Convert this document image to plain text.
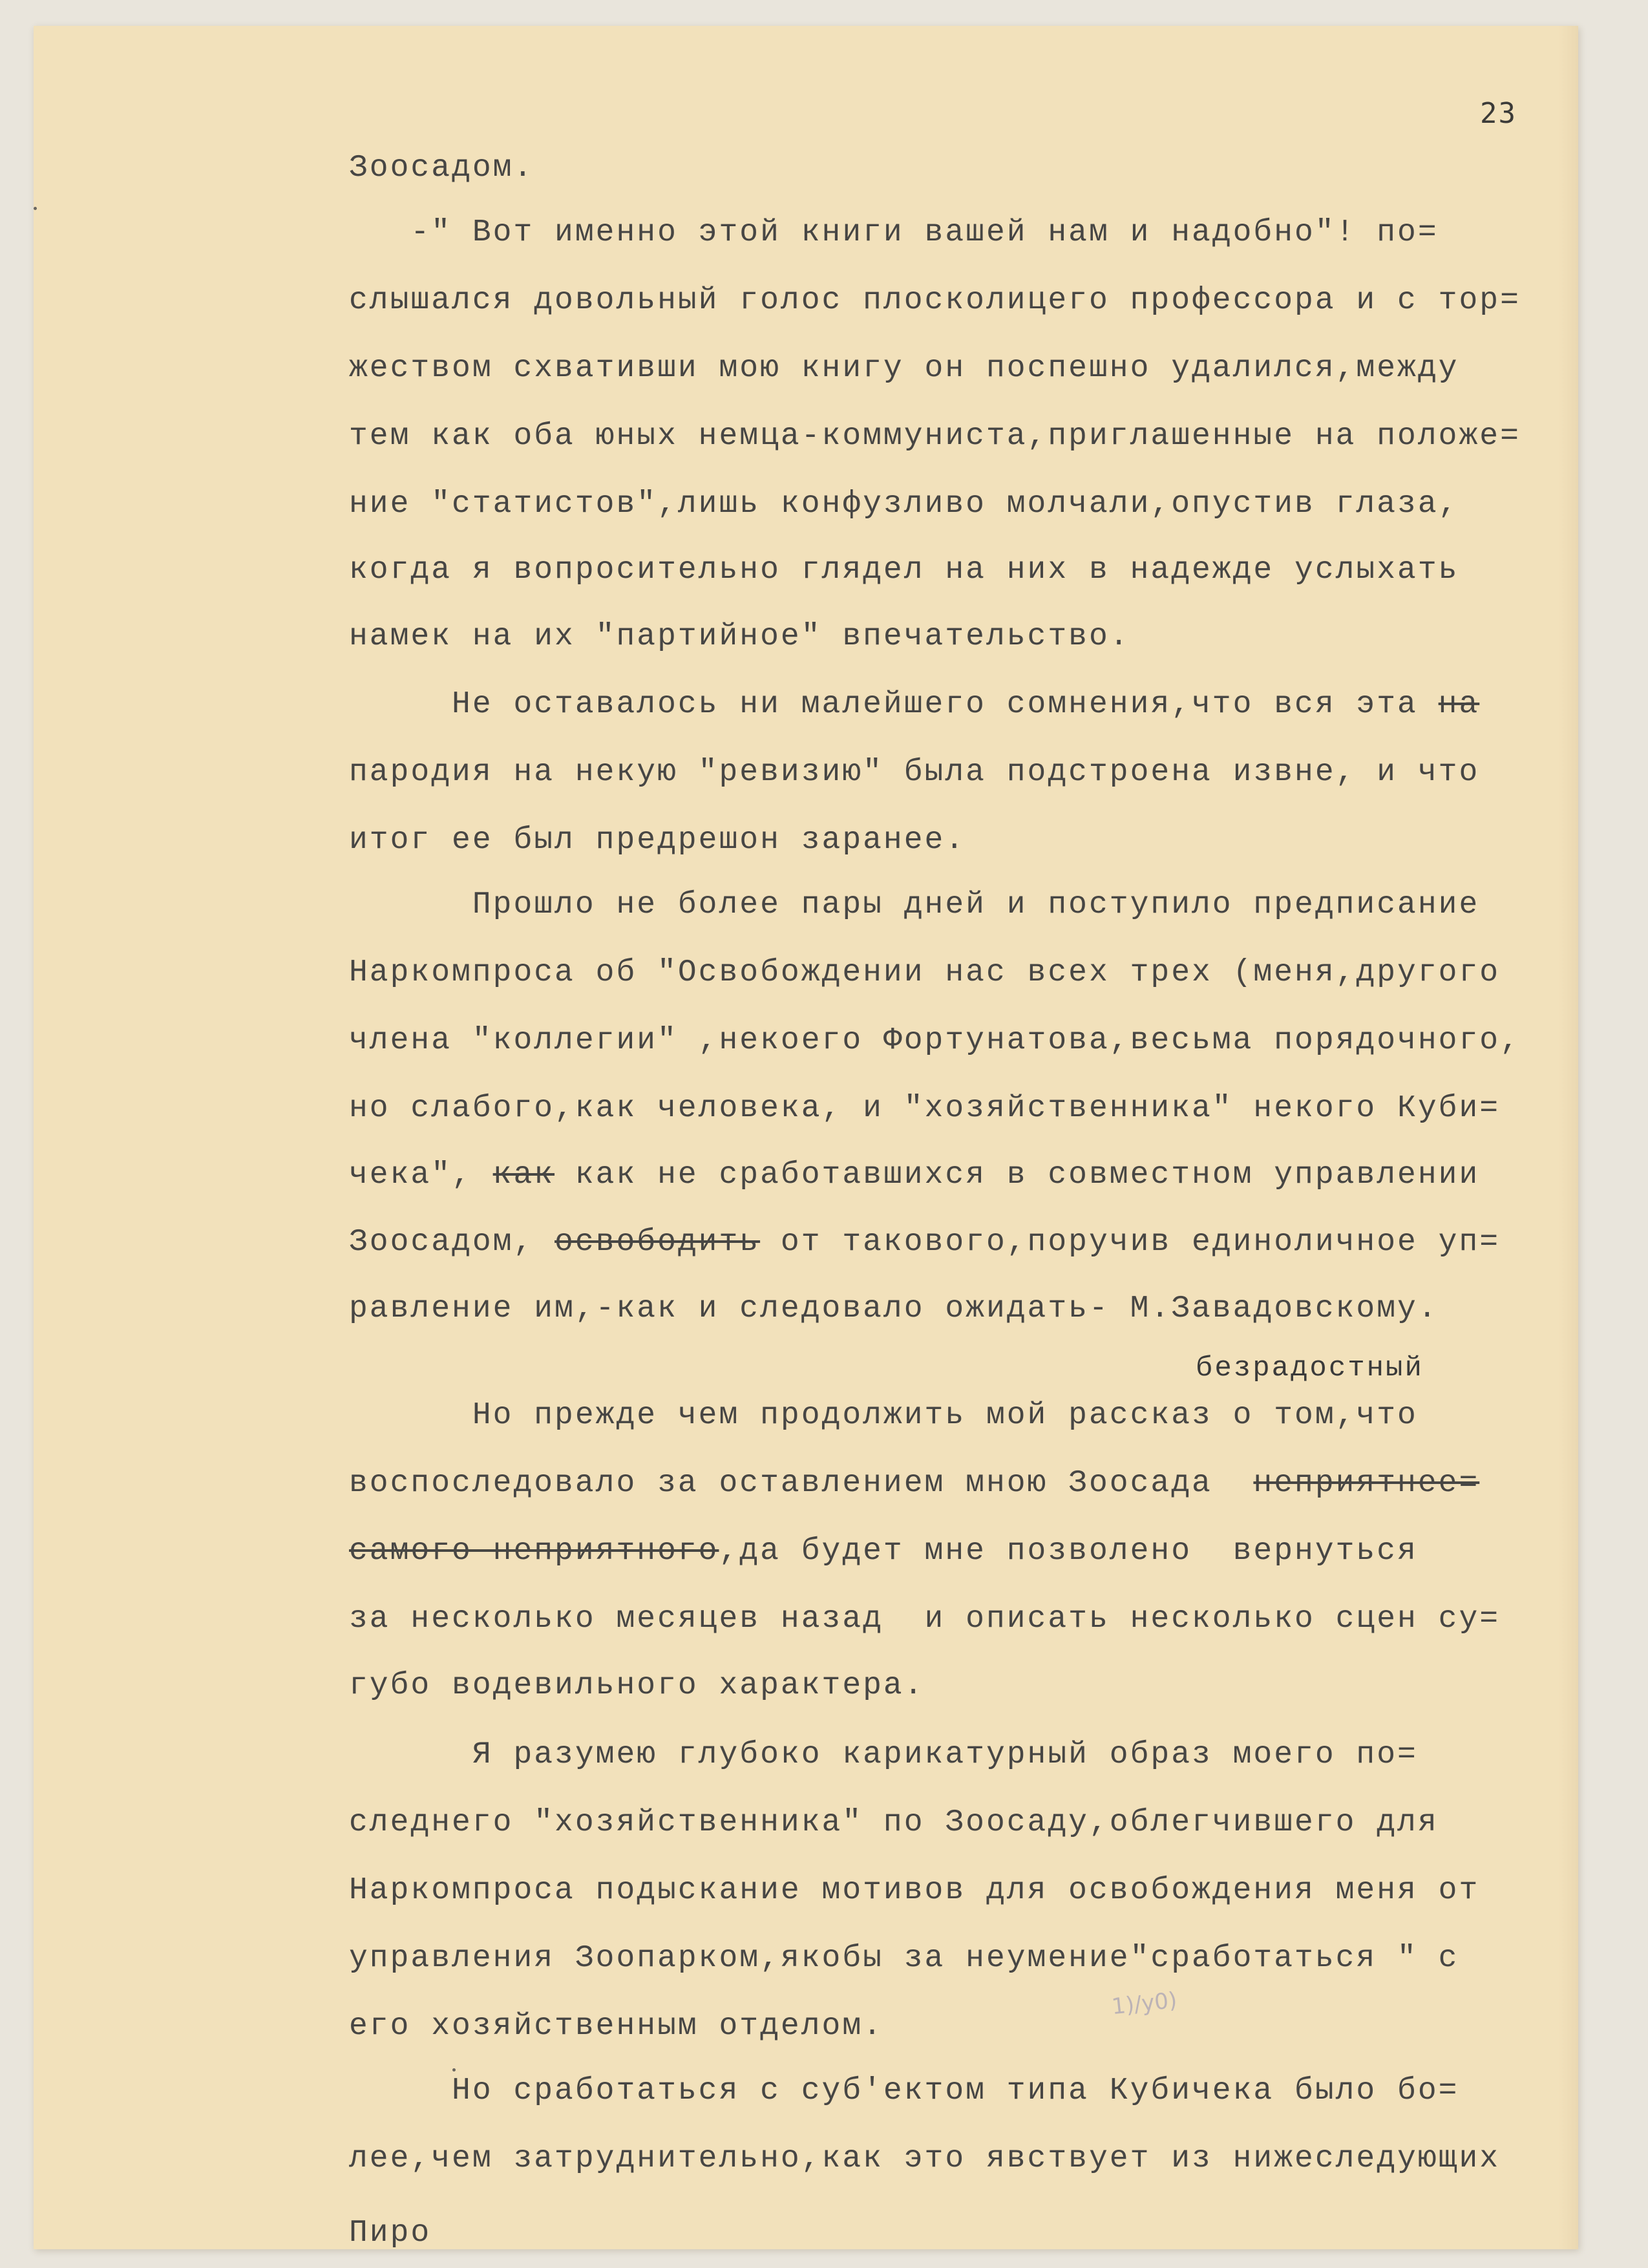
23
безрадостный
Зоосадом.
-" Вот именно этой книги вашей нам и надобно"! по=
слышался довольный голос плосколицего профессора и с тор=
жеством схвативши мою книгу он поспешно удалился,между
тем как оба юных немца-коммуниста,приглашенные на положе=
ние "статистов",лишь конфузливо молчали,опустив глаза,
когда я вопросительно глядел на них в надежде услыхать
намек на их "партийное" впечательство.
Не оставалось ни малейшего сомнения,что вся эта на
пародия на некую "ревизию" была подстроена извне, и что
итог ее был предрешон заранее.
Прошло не более пары дней и поступило предписание
Наркомпроса об "Освобождении нас всех трех (меня,другого
члена "коллегии" ,некоего Фортунатова,весьма порядочного,
но слабого,как человека, и "хозяйственника" некого Куби=
чека", как как не сработавшихся в совместном управлении
Зоосадом, освободить от такового,поручив единоличное уп=
равление им,-как и следовало ожидать- М.Завадовскому.
Но прежде чем продолжить мой рассказ о том,что
воспоследовало за оставлением мною Зоосада  неприятнее=
самого неприятного,да будет мне позволено  вернуться
за несколько месяцев назад  и описать несколько сцен су=
губо водевильного характера.
Я разумею глубоко карикатурный образ моего по=
следнего "хозяйственника" по Зоосаду,облегчившего для
Наркомпроса подыскание мотивов для освобождения меня от
управления Зоопарком,якобы за неумение"сработаться " с
его хозяйственным отделом.
Но сработаться с суб'ектом типа Кубичека было бо=
лее,чем затруднительно,как это явствует из нижеследующих
Пиро
1)/у0)
